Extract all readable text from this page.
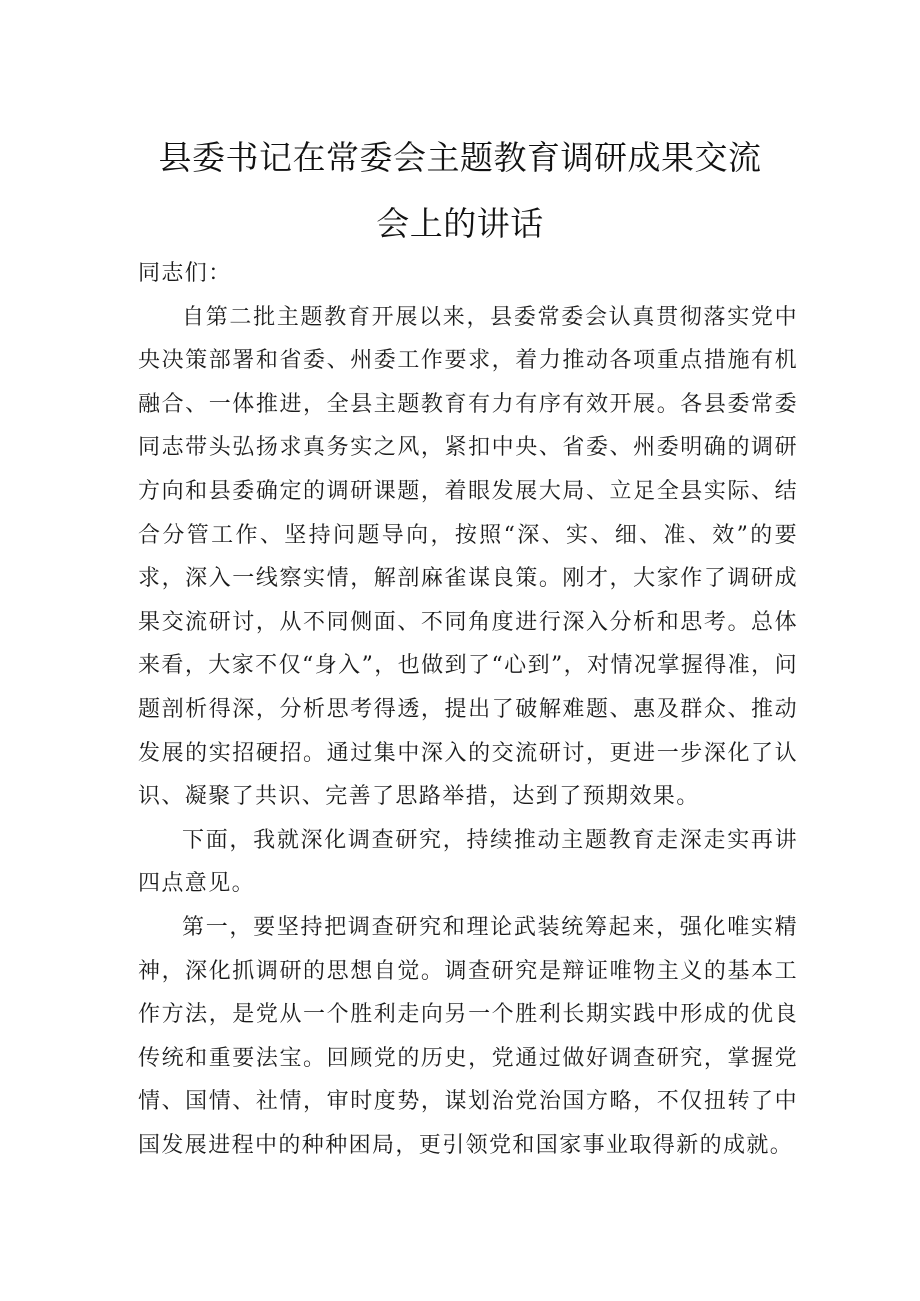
县委书记在常委会主题教育调研成果交流
会上的讲话

同志们：

自第二批主题教育开展以来，县委常委会认真贯彻落实党中央决策部署和省委、州委工作要求，着力推动各项重点措施有机融合、一体推进，全县主题教育有力有序有效开展。各县委常委同志带头弘扬求真务实之风，紧扣中央、省委、州委明确的调研方向和县委确定的调研课题，着眼发展大局、立足全县实际、结合分管工作、坚持问题导向，按照“深、实、细、准、效”的要求，深入一线察实情，解剖麻雀谋良策。刚才，大家作了调研成果交流研讨，从不同侧面、不同角度进行深入分析和思考。总体来看，大家不仅“身入”，也做到了“心到”，对情况掌握得准，问题剖析得深，分析思考得透，提出了破解难题、惠及群众、推动发展的实招硬招。通过集中深入的交流研讨，更进一步深化了认识、凝聚了共识、完善了思路举措，达到了预期效果。

下面，我就深化调查研究，持续推动主题教育走深走实再讲四点意见。

第一，要坚持把调查研究和理论武装统筹起来，强化唯实精神，深化抓调研的思想自觉。调查研究是辩证唯物主义的基本工作方法，是党从一个胜利走向另一个胜利长期实践中形成的优良传统和重要法宝。回顾党的历史，党通过做好调查研究，掌握党情、国情、社情，审时度势，谋划治党治国方略，不仅扭转了中国发展进程中的种种困局，更引领党和国家事业取得新的成就。
